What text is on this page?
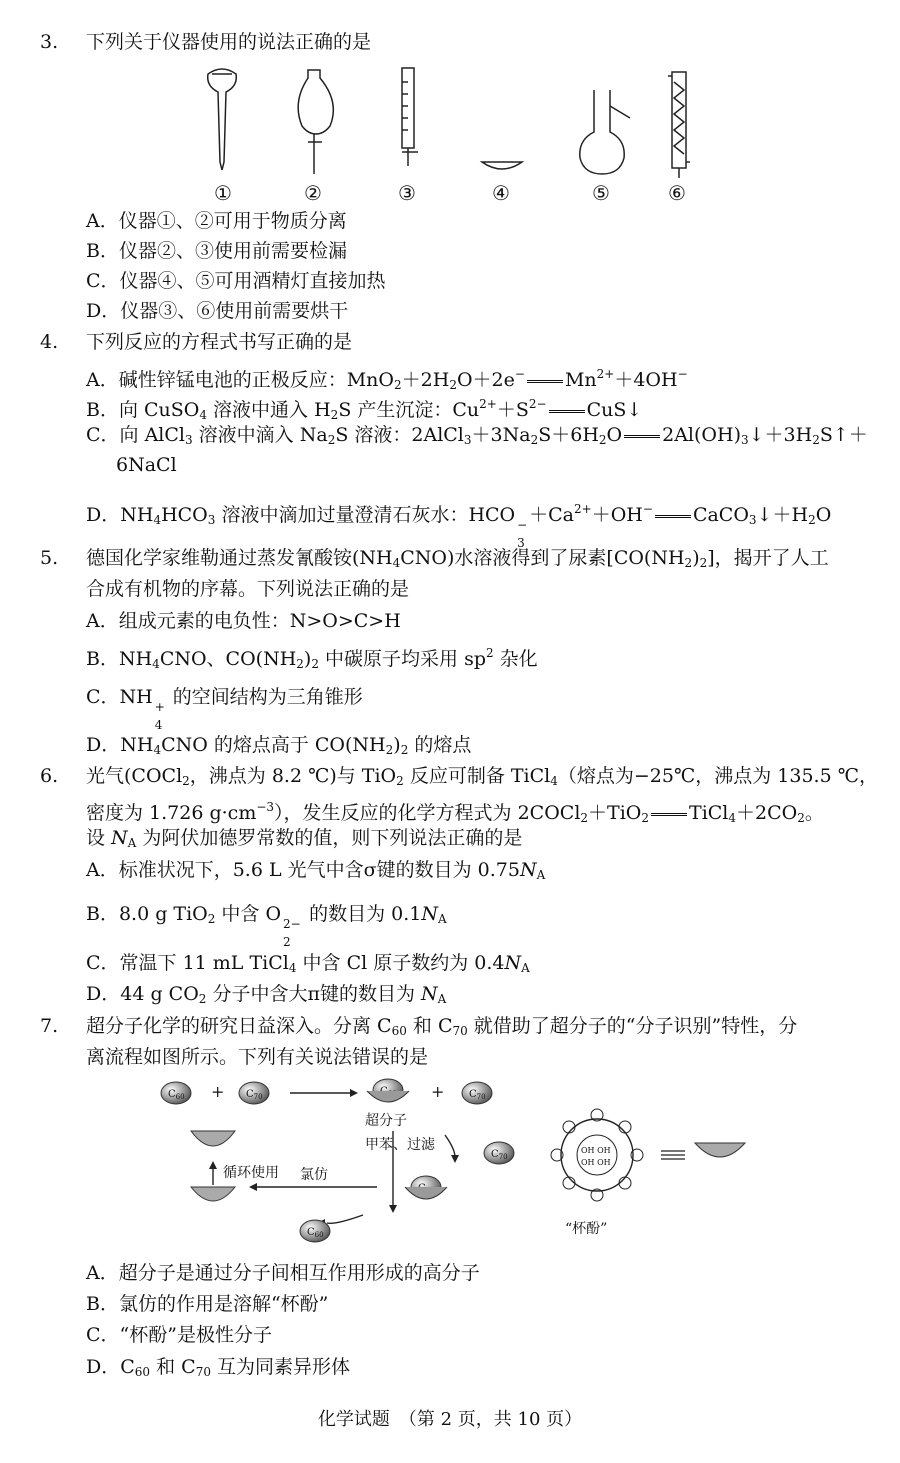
3. 下列关于仪器使用的说法正确的是
①	②	③	④	⑤	⑥
A．仪器①、②可用于物质分离
B．仪器②、③使用前需要检漏
C．仪器④、⑤可用酒精灯直接加热
D．仪器③、⑥使用前需要烘干
4. 下列反应的方程式书写正确的是
A．碱性锌锰电池的正极反应：$MnO_2+2H_2O+2e^-$ $Mn^{2+}+4OH^-$
B．向 CuSO$_4$ 溶液中通入 $H_2S$ 产生沉淀：$Cu^{2+}+S^{2-}$ CuS↓
C．向 AlCl$_3$ 溶液中滴入 $Na_2S$ 溶液：$2AlCl_3+3Na_2S+6H_2O$ $2Al(OH)_3↓+3H_2S↑+$
6NaCl
D．$NH_4HCO_3$ 溶液中滴加过量澄清石灰水：HCO −
3
$+Ca^{2+}+OH^-$ $CaCO_3↓+H_2O$
5. 德国化学家维勒通过蒸发氰酸铵$(NH_4CNO)$水溶液得到了尿素$[CO(NH_2)_2]$，揭开了人工
合成有机物的序幕。下列说法正确的是
A．组成元素的电负性：N>O>C>H
B．$NH_4CNO$、$CO(NH_2)_2$ 中碳原子均采用 $sp^2$ 杂化
C．NH +
4
的空间结构为三角锥形
D．$NH_4CNO$ 的熔点高于 $CO(NH_2)_2$ 的熔点
6. 光气(COCl$_2$，沸点为 8.2 ℃)与 TiO$_2$ 反应可制备 TiCl$_4$（熔点为−25℃，沸点为 135.5 ℃，
密度为 1.726 $g\cdot cm^{-3}$），发生反应的化学方程式为 2COCl$_2$＋TiO$_2$ $TiCl_4+2CO_2$。
设 $N_A$ 为阿伏加德罗常数的值，则下列说法正确的是
A．标准状况下，5.6 L 光气中含σ键的数目为 $0.75N_A$
B．8.0 g TiO$_2$ 中含 O 2−
2
的数目为 $0.1N_A$
C．常温下 11 mL TiCl$_4$ 中含 Cl 原子数约为 $0.4N_A$
D．44 g $CO_2$ 分子中含大π键的数目为 $N_A$
7. 超分子化学的研究日益深入。分离 $C_{60}$ 和 $C_{70}$ 就借助了超分子的“分子识别”特性，分
离流程如图所示。下列有关说法错误的是
$C_{60} + C_{70}$	+ $C_{70}$
超分子
甲苯、过滤
$C_{70}$
循环使用 氯仿
$C_{60}$
OH OH
OH OH
“杯酚”
A．超分子是通过分子间相互作用形成的高分子
B．氯仿的作用是溶解“杯酚”
C．“杯酚”是极性分子
D．$C_{60}$ 和 $C_{70}$ 互为同素异形体
化学试题　（第 2 页，共 10 页）
